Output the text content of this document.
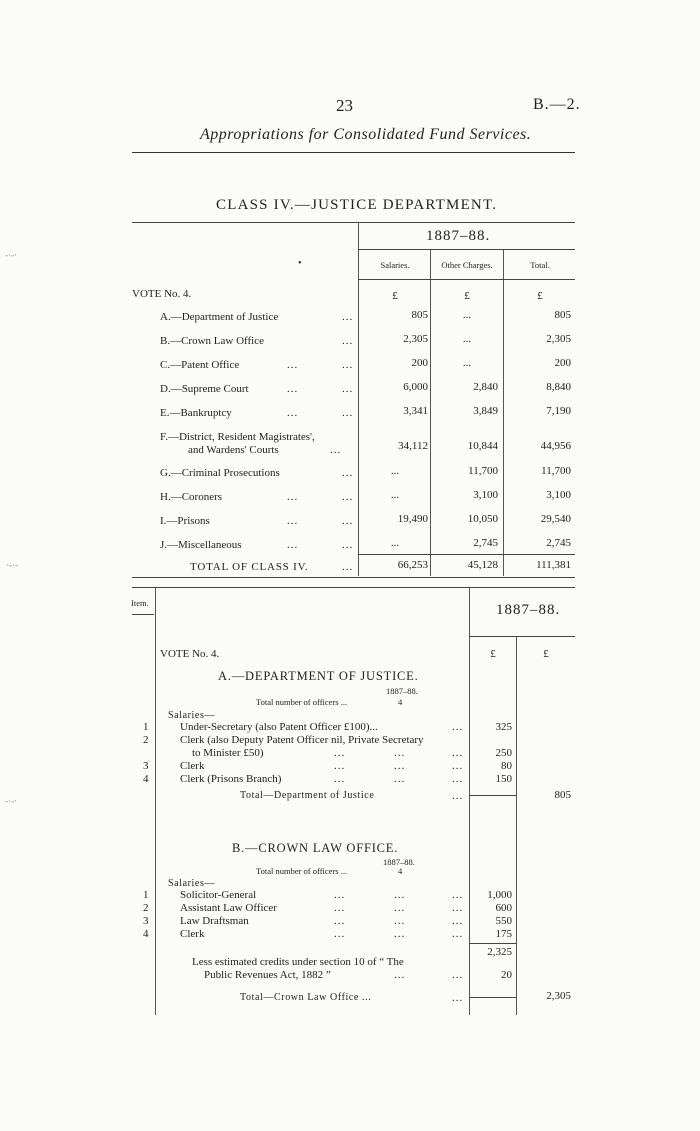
23	B.—2.
Appropriations for Consolidated Fund Services.
-·-·
·-·-
-·-·
CLASS IV.—JUSTICE DEPARTMENT.
1887–88.
Salaries.	Other Charges.	Total.
•
VOTE No. 4.	£	£	£
A.—Department of Justice	...	805	...	805
B.—Crown Law Office	...	2,305	...	2,305
C.—Patent Office	...	...	200	...	200
D.—Supreme Court	...	...	6,000	2,840	8,840
E.—Bankruptcy	...	...	3,341	3,849	7,190
F.—District, Resident Magistrates',
and Wardens' Courts	...	34,112	10,844	44,956
G.—Criminal Prosecutions	...	...	11,700	11,700
H.—Coroners	...	...	...	3,100	3,100
I.—Prisons	...	...	19,490	10,050	29,540
J.—Miscellaneous	...	...	...	2,745	2,745
TOTAL OF CLASS IV.	...	66,253	45,128	111,381
Item.	1887–88.
VOTE No. 4.	£	£
A.—DEPARTMENT OF JUSTICE.
1887–88.
Total number of officers ...	4
Salaries—
1	Under-Secretary (also Patent Officer £100)...	...	325
2	Clerk (also Deputy Patent Officer nil, Private Secretary
to Minister £50)	...	...	...	250
3	Clerk	...	...	...	80
4	Clerk (Prisons Branch)	...	...	...	150
Total—Department of Justice	...	805
B.—CROWN LAW OFFICE.
1887–88.
Total number of officers ...	4
Salaries—
1	Solicitor-General	...	...	...	1,000
2	Assistant Law Officer	...	...	...	600
3	Law Draftsman	...	...	...	550
4	Clerk	...	...	...	175
2,325
Less estimated credits under section 10 of “ The
Public Revenues Act, 1882 ”	...	...	20
Total—Crown Law Office ...	...	2,305
